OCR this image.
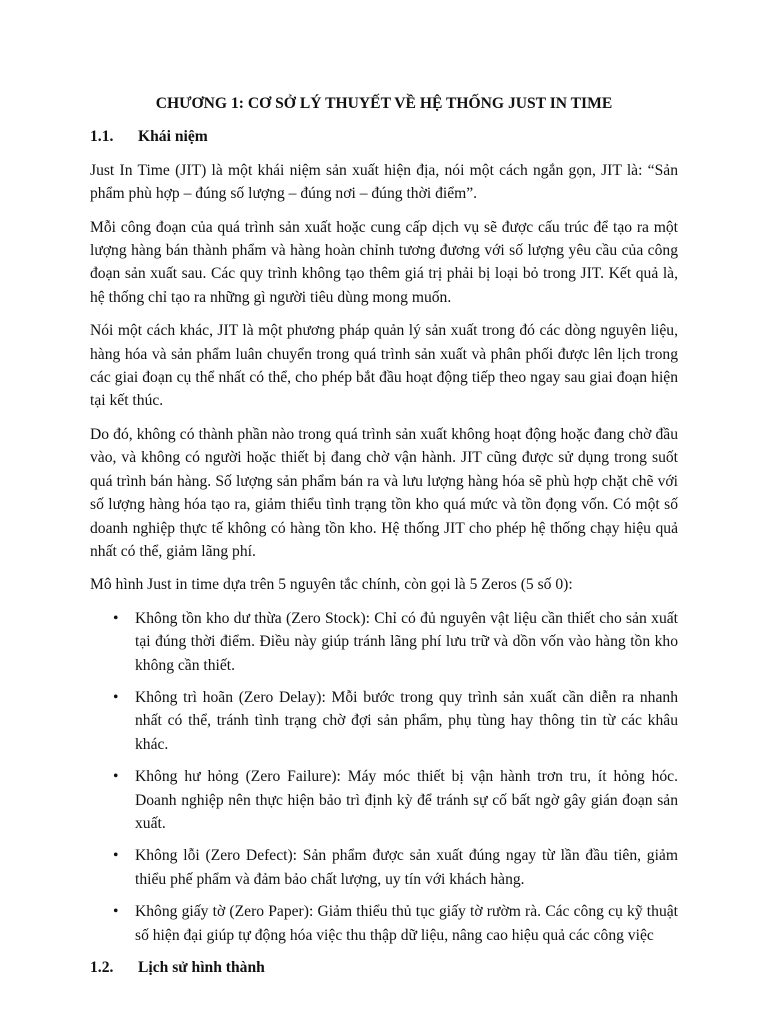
CHƯƠNG 1: CƠ SỞ LÝ THUYẾT VỀ HỆ THỐNG JUST IN TIME
1.1.	Khái niệm

Just In Time (JIT) là một khái niệm sản xuất hiện địa, nói một cách ngắn gọn, JIT là: “Sản phẩm phù hợp – đúng số lượng – đúng nơi – đúng thời điểm”.

Mỗi công đoạn của quá trình sản xuất hoặc cung cấp dịch vụ sẽ được cấu trúc để tạo ra một lượng hàng bán thành phẩm và hàng hoàn chỉnh tương đương với số lượng yêu cầu của công đoạn sản xuất sau. Các quy trình không tạo thêm giá trị phải bị loại bỏ trong JIT. Kết quả là, hệ thống chỉ tạo ra những gì người tiêu dùng mong muốn.

Nói một cách khác, JIT là một phương pháp quản lý sản xuất trong đó các dòng nguyên liệu, hàng hóa và sản phẩm luân chuyển trong quá trình sản xuất và phân phối được lên lịch trong các giai đoạn cụ thể nhất có thể, cho phép bắt đầu hoạt động tiếp theo ngay sau giai đoạn hiện tại kết thúc.

Do đó, không có thành phần nào trong quá trình sản xuất không hoạt động hoặc đang chờ đầu vào, và không có người hoặc thiết bị đang chờ vận hành. JIT cũng được sử dụng trong suốt quá trình bán hàng. Số lượng sản phẩm bán ra và lưu lượng hàng hóa sẽ phù hợp chặt chẽ với số lượng hàng hóa tạo ra, giảm thiểu tình trạng tồn kho quá mức và tồn đọng vốn. Có một số doanh nghiệp thực tế không có hàng tồn kho. Hệ thống JIT cho phép hệ thống chạy hiệu quả nhất có thể, giảm lãng phí.

Mô hình Just in time dựa trên 5 nguyên tắc chính, còn gọi là 5 Zeros (5 số 0):

• Không tồn kho dư thừa (Zero Stock): Chỉ có đủ nguyên vật liệu cần thiết cho sản xuất tại đúng thời điểm. Điều này giúp tránh lãng phí lưu trữ và dồn vốn vào hàng tồn kho không cần thiết.
• Không trì hoãn (Zero Delay): Mỗi bước trong quy trình sản xuất cần diễn ra nhanh nhất có thể, tránh tình trạng chờ đợi sản phẩm, phụ tùng hay thông tin từ các khâu khác.
• Không hư hỏng (Zero Failure): Máy móc thiết bị vận hành trơn tru, ít hỏng hóc. Doanh nghiệp nên thực hiện bảo trì định kỳ để tránh sự cố bất ngờ gây gián đoạn sản xuất.
• Không lỗi (Zero Defect): Sản phẩm được sản xuất đúng ngay từ lần đầu tiên, giảm thiểu phế phẩm và đảm bảo chất lượng, uy tín với khách hàng.
• Không giấy tờ (Zero Paper): Giảm thiểu thủ tục giấy tờ rườm rà. Các công cụ kỹ thuật số hiện đại giúp tự động hóa việc thu thập dữ liệu, nâng cao hiệu quả các công việc
1.2.	Lịch sử hình thành
